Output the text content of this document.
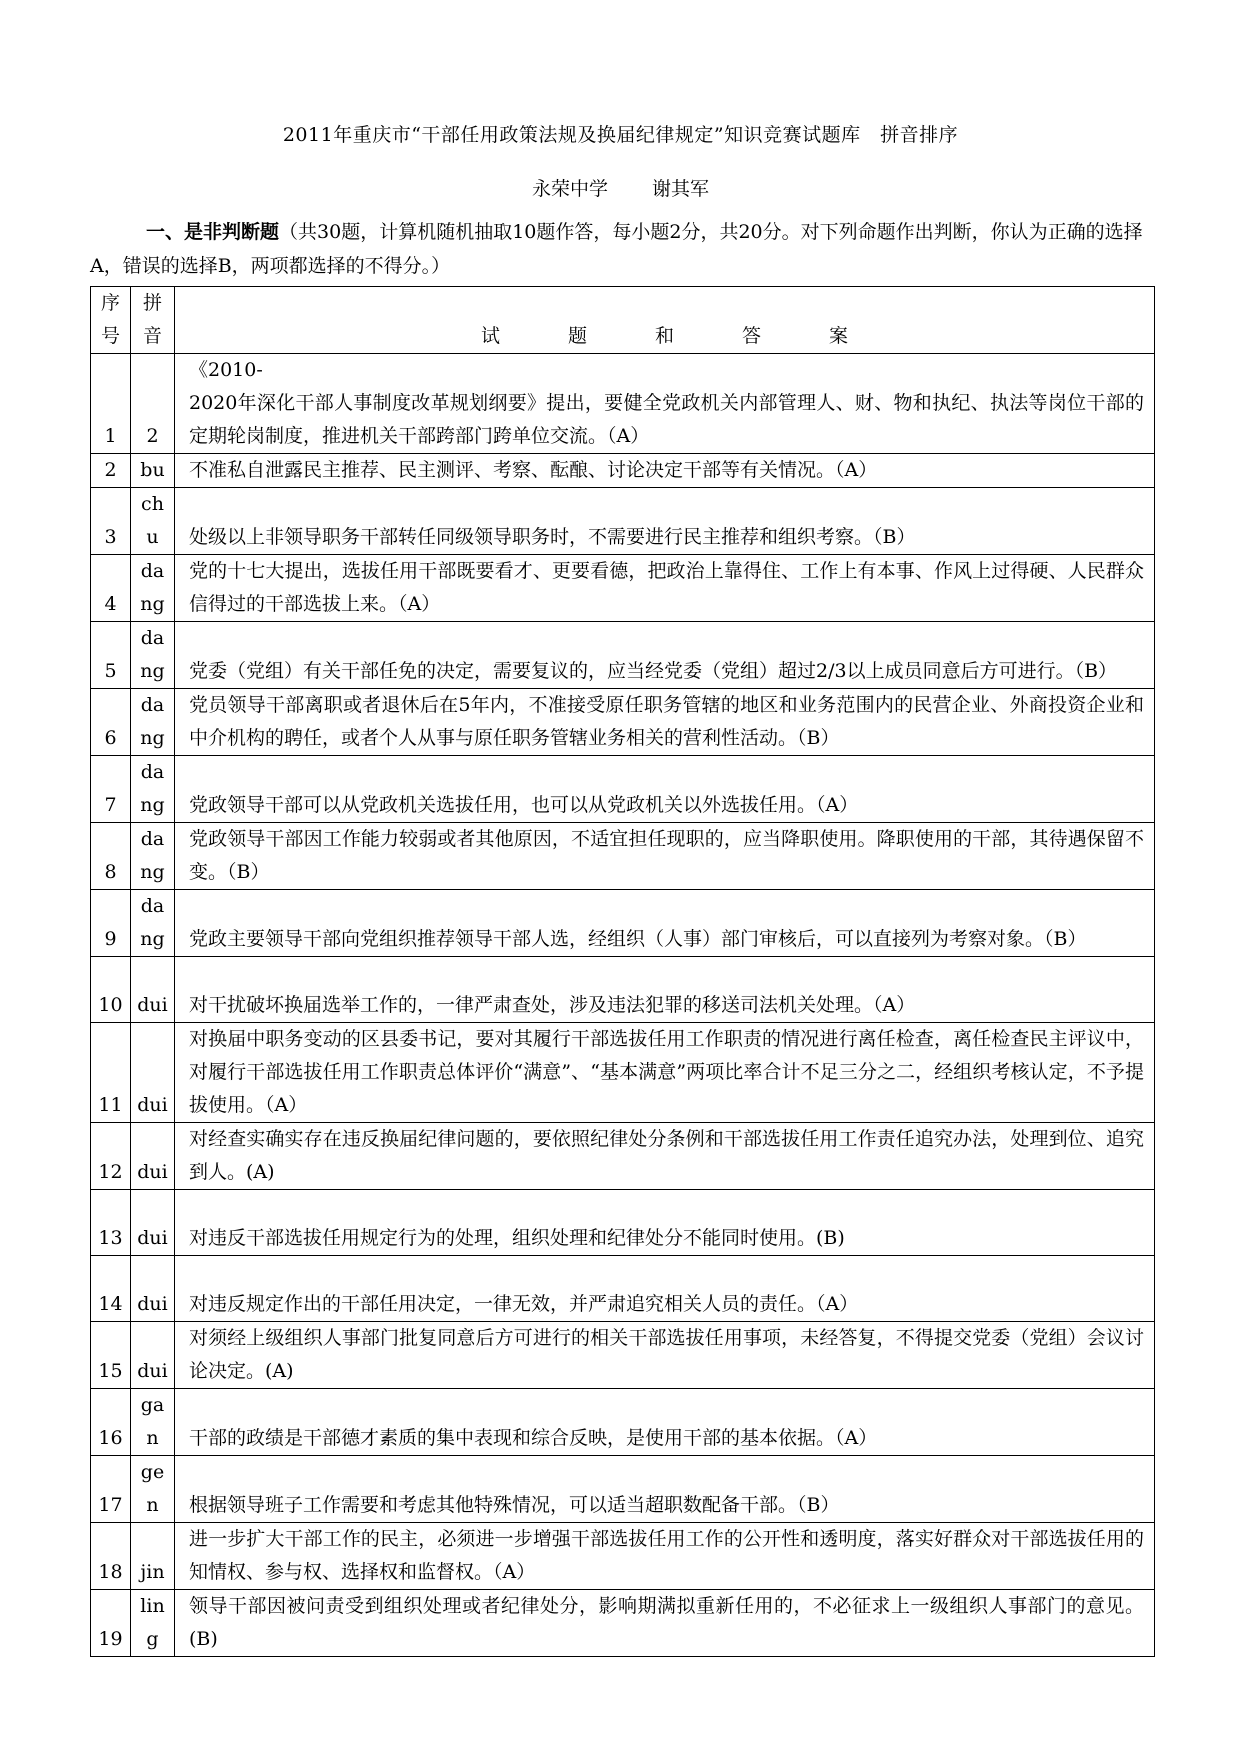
2011年重庆市“干部任用政策法规及换届纪律规定”知识竞赛试题库　拼音排序
永荣中学 谢其军
一、是非判断题（共30题，计算机随机抽取10题作答，每小题2分，共20分。对下列命题作出判断，你认为正确的选择A，错误的选择B，两项都选择的不得分。）
序号	拼音	试 题 和 答 案
1	2	《2010-
2020年深化干部人事制度改革规划纲要》提出，要健全党政机关内部管理人、财、物和执纪、执法等岗位干部的定期轮岗制度，推进机关干部跨部门跨单位交流。（A）
2	bu	不准私自泄露民主推荐、民主测评、考察、酝酿、讨论决定干部等有关情况。（A）
3	chu	处级以上非领导职务干部转任同级领导职务时，不需要进行民主推荐和组织考察。（B）
4	dang	党的十七大提出，选拔任用干部既要看才、更要看德，把政治上靠得住、工作上有本事、作风上过得硬、人民群众信得过的干部选拔上来。（A）
5	dang	党委（党组）有关干部任免的决定，需要复议的，应当经党委（党组）超过2/3以上成员同意后方可进行。（B）
6	dang	党员领导干部离职或者退休后在5年内，不准接受原任职务管辖的地区和业务范围内的民营企业、外商投资企业和中介机构的聘任，或者个人从事与原任职务管辖业务相关的营利性活动。（B）
7	dang	党政领导干部可以从党政机关选拔任用，也可以从党政机关以外选拔任用。（A）
8	dang	党政领导干部因工作能力较弱或者其他原因，不适宜担任现职的，应当降职使用。降职使用的干部，其待遇保留不变。（B）
9	dang	党政主要领导干部向党组织推荐领导干部人选，经组织（人事）部门审核后，可以直接列为考察对象。（B）
10	dui	对干扰破坏换届选举工作的，一律严肃查处，涉及违法犯罪的移送司法机关处理。（A）
11	dui	对换届中职务变动的区县委书记，要对其履行干部选拔任用工作职责的情况进行离任检查，离任检查民主评议中，对履行干部选拔任用工作职责总体评价“满意”、“基本满意”两项比率合计不足三分之二，经组织考核认定，不予提拔使用。（A）
12	dui	对经查实确实存在违反换届纪律问题的，要依照纪律处分条例和干部选拔任用工作责任追究办法，处理到位、追究到人。(A)
13	dui	对违反干部选拔任用规定行为的处理，组织处理和纪律处分不能同时使用。(B)
14	dui	对违反规定作出的干部任用决定，一律无效，并严肃追究相关人员的责任。（A）
15	dui	对须经上级组织人事部门批复同意后方可进行的相关干部选拔任用事项，未经答复，不得提交党委（党组）会议讨论决定。(A)
16	gan	干部的政绩是干部德才素质的集中表现和综合反映，是使用干部的基本依据。（A）
17	gen	根据领导班子工作需要和考虑其他特殊情况，可以适当超职数配备干部。（B）
18	jin	进一步扩大干部工作的民主，必须进一步增强干部选拔任用工作的公开性和透明度，落实好群众对干部选拔任用的知情权、参与权、选择权和监督权。（A）
19	ling	领导干部因被问责受到组织处理或者纪律处分，影响期满拟重新任用的，不必征求上一级组织人事部门的意见。(B)
